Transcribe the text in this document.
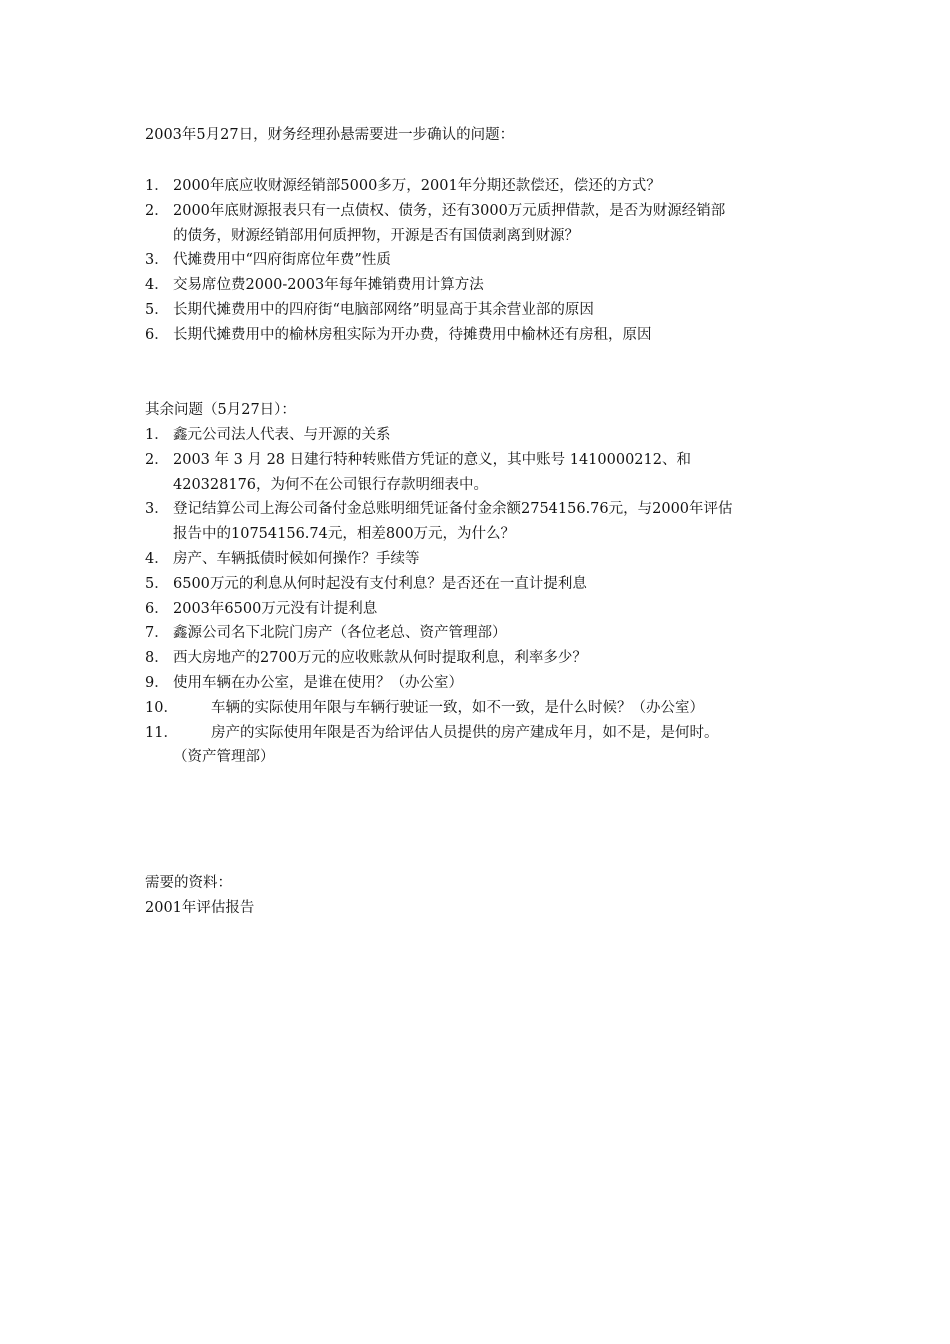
2003年5月27日，财务经理孙悬需要进一步确认的问题：
1． 2000年底应收财源经销部5000多万，2001年分期还款偿还，偿还的方式？
2． 2000年底财源报表只有一点债权、债务，还有3000万元质押借款，是否为财源经销部
的债务，财源经销部用何质押物，开源是否有国债剥离到财源？
3． 代摊费用中“四府街席位年费”性质
4． 交易席位费2000-2003年每年摊销费用计算方法
5． 长期代摊费用中的四府街“电脑部网络”明显高于其余营业部的原因
6． 长期代摊费用中的榆林房租实际为开办费，待摊费用中榆林还有房租，原因
其余问题（5月27日）：
1． 鑫元公司法人代表、与开源的关系
2． 2003 年 3 月 28 日建行特种转账借方凭证的意义，其中账号 1410000212、和
420328176，为何不在公司银行存款明细表中。
3． 登记结算公司上海公司备付金总账明细凭证备付金余额2754156.76元，与2000年评估
报告中的10754156.74元，相差800万元，为什么？
4． 房产、车辆抵债时候如何操作？手续等
5． 6500万元的利息从何时起没有支付利息？是否还在一直计提利息
6． 2003年6500万元没有计提利息
7． 鑫源公司名下北院门房产（各位老总、资产管理部）
8． 西大房地产的2700万元的应收账款从何时提取利息，利率多少？
9． 使用车辆在办公室，是谁在使用？（办公室）
10．	车辆的实际使用年限与车辆行驶证一致，如不一致，是什么时候？（办公室）
11．	房产的实际使用年限是否为给评估人员提供的房产建成年月，如不是，是何时。
（资产管理部）
需要的资料：
2001年评估报告
